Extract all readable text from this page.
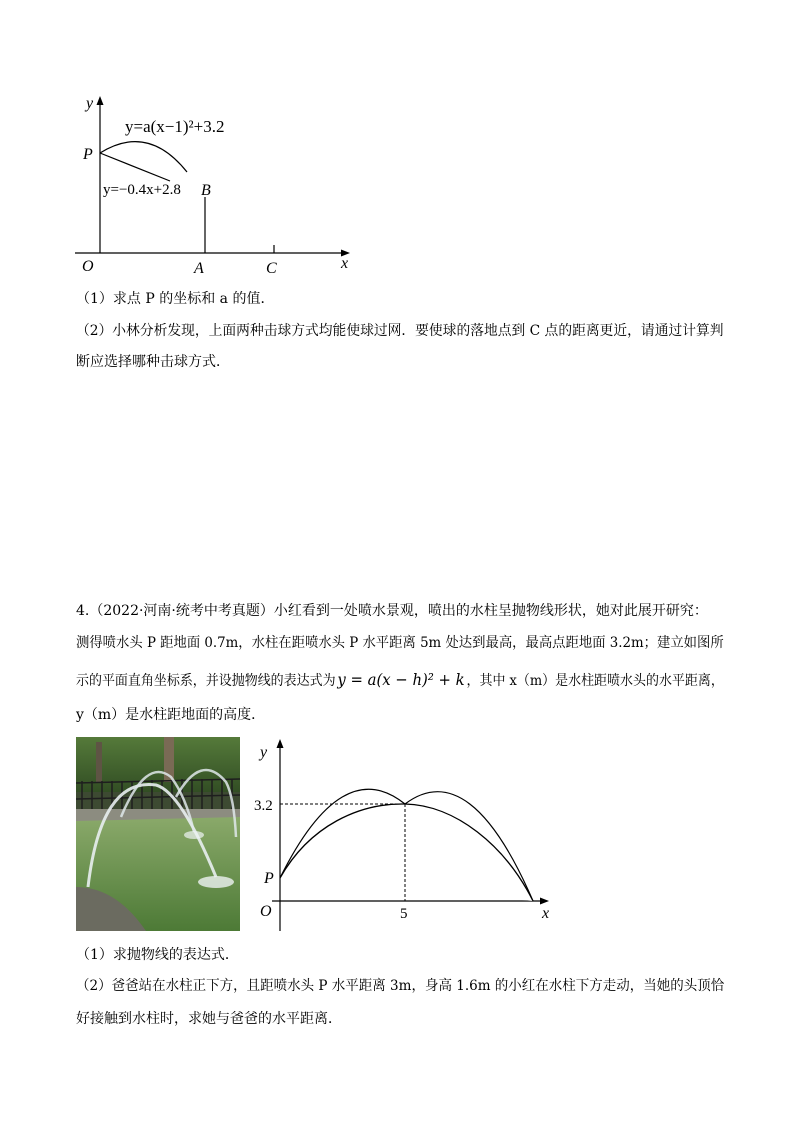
y
x
O
P
A
B
C
y=a(x−1)²+3.2
y=−0.4x+2.8
（1）求点 P 的坐标和 a 的值．
（2）小林分析发现，上面两种击球方式均能使球过网．要使球的落地点到 C 点的距离更近，请通过计算判
断应选择哪种击球方式．
4.（2022·河南·统考中考真题）小红看到一处喷水景观，喷出的水柱呈抛物线形状，她对此展开研究：
测得喷水头 P 距地面 0.7m，水柱在距喷水头 P 水平距离 5m 处达到最高，最高点距地面 3.2m；建立如图所
示的平面直角坐标系，并设抛物线的表达式为 y = a(x − h)² + k ，其中 x（m）是水柱距喷水头的水平距离，
y（m）是水柱距地面的高度．
y
x
O
P
3.2
5
（1）求抛物线的表达式．
（2）爸爸站在水柱正下方，且距喷水头 P 水平距离 3m，身高 1.6m 的小红在水柱下方走动，当她的头顶恰
好接触到水柱时，求她与爸爸的水平距离．
